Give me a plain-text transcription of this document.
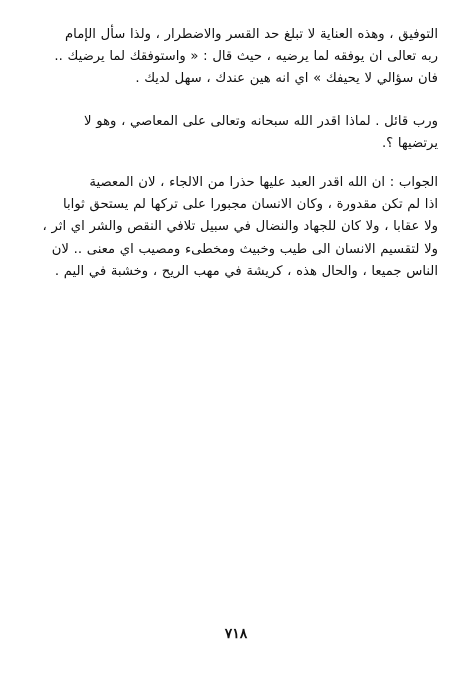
التوفيق ، وهذه العناية لا تبلغ حد القسر والاضطرار ، ولذا سأل الإمام
ربه تعالى ان يوفقه لما يرضيه ، حيث قال : « واستوفقك لما يرضيك ..
فان سؤالي لا يحيفك » اي انه هين عندك ، سهل لديك .
ورب قائل . لماذا اقدر الله سبحانه وتعالى على المعاصي ، وهو لا
يرتضيها ؟.
الجواب : ان الله اقدر العبد عليها حذرا من الالجاء ، لان المعصية
اذا لم تكن مقدورة ، وكان الانسان مجبورا على تركها لم يستحق ثوابا
ولا عقابا ، ولا كان للجهاد والنضال في سبيل تلافي النقص والشر اي اثر ،
ولا لتقسيم الانسان الى طيب وخبيث ومخطىء ومصيب اي معنى .. لان
الناس جميعا ، والحال هذه ، كريشة في مهب الريح ، وخشبة في اليم .
٧١٨
